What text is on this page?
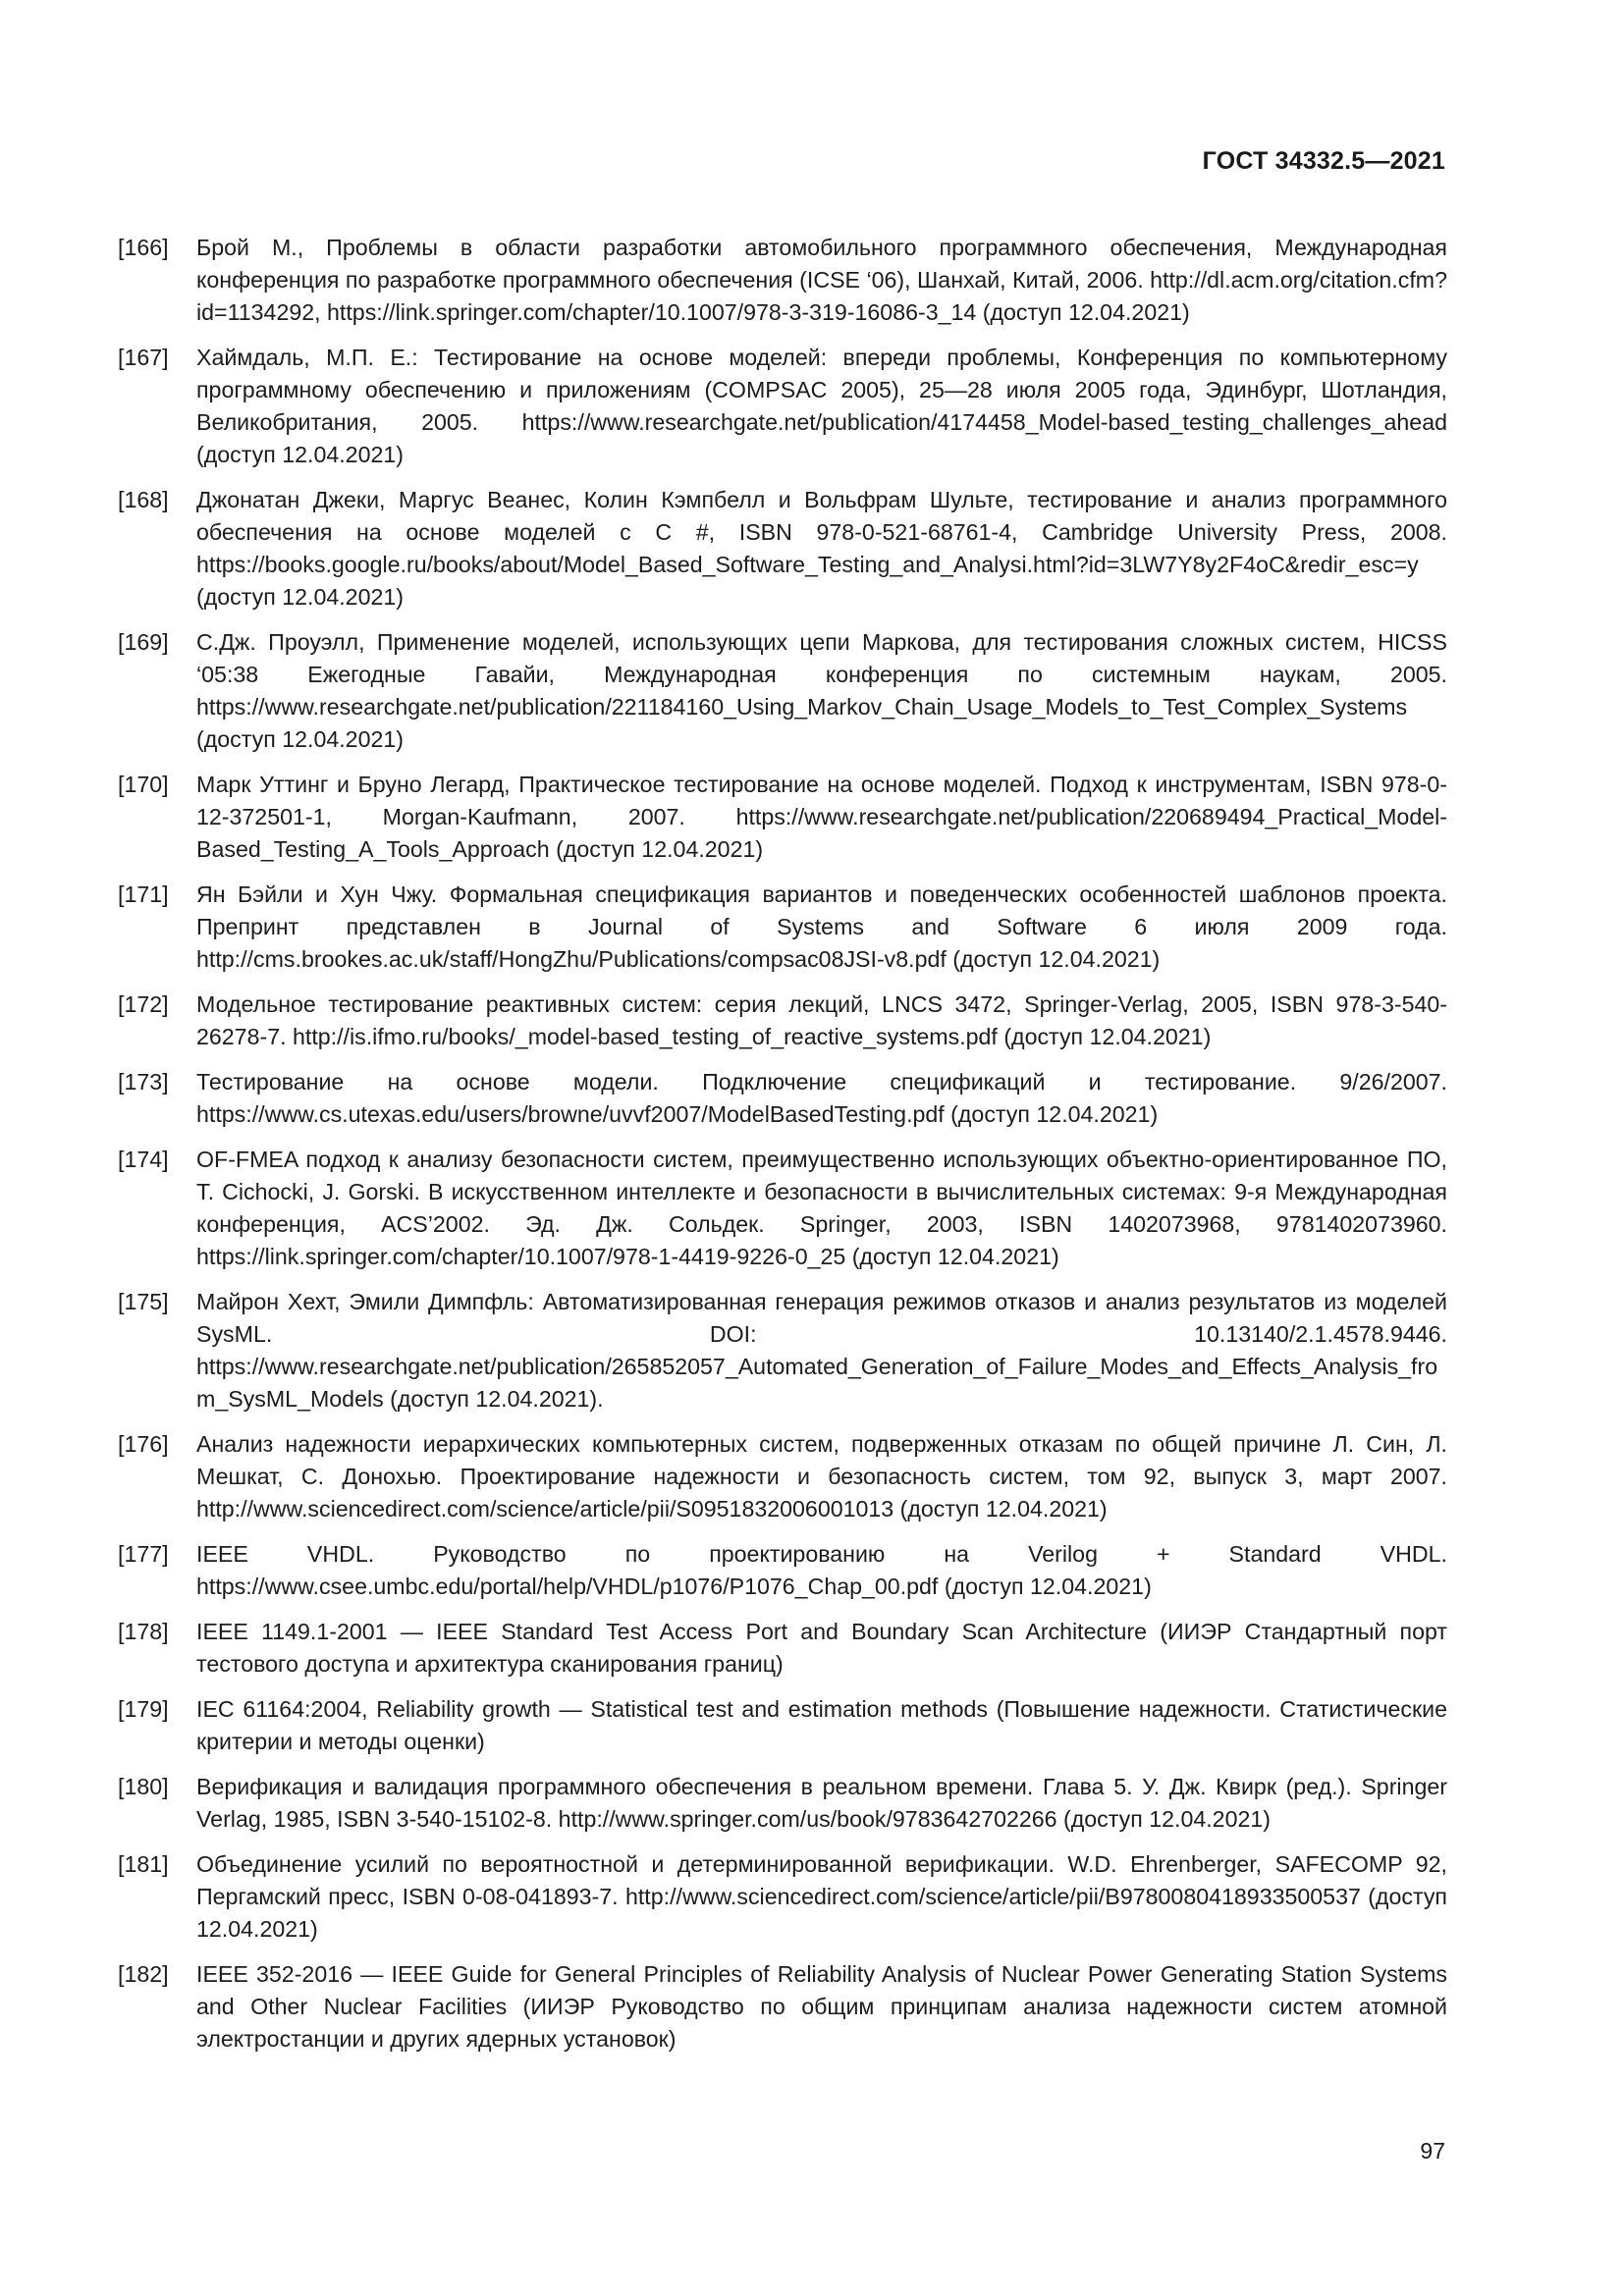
ГОСТ 34332.5—2021
[166]	Брой М., Проблемы в области разработки автомобильного программного обеспечения, Международная конференция по разработке программного обеспечения (ICSE ‘06), Шанхай, Китай, 2006. http://dl.acm.org/citation.cfm?id=1134292, https://link.springer.com/chapter/10.1007/978-3-319-16086-3_14 (доступ 12.04.2021)
[167]	Хаймдаль, М.П. Е.: Тестирование на основе моделей: впереди проблемы, Конференция по компьютерному программному обеспечению и приложениям (COMPSAC 2005), 25—28 июля 2005 года, Эдинбург, Шотландия, Великобритания, 2005. https://www.researchgate.net/publication/4174458_Model-based_testing_challenges_ahead (доступ 12.04.2021)
[168]	Джонатан Джеки, Маргус Веанес, Колин Кэмпбелл и Вольфрам Шульте, тестирование и анализ программного обеспечения на основе моделей с C #, ISBN 978-0-521-68761-4, Cambridge University Press, 2008. https://books.google.ru/books/about/Model_Based_Software_Testing_and_Analysi.html?id=3LW7Y8y2F4oC&redir_esc=y (доступ 12.04.2021)
[169]	С.Дж. Проуэлл, Применение моделей, использующих цепи Маркова, для тестирования сложных систем, HICSS ‘05:38 Ежегодные Гавайи, Международная конференция по системным наукам, 2005. https://www.researchgate.net/publication/221184160_Using_Markov_Chain_Usage_Models_to_Test_Complex_Systems (доступ 12.04.2021)
[170]	Марк Уттинг и Бруно Легард, Практическое тестирование на основе моделей. Подход к инструментам, ISBN 978-0-12-372501-1, Morgan-Kaufmann, 2007. https://www.researchgate.net/publication/220689494_Practical_Model-Based_Testing_A_Tools_Approach (доступ 12.04.2021)
[171]	Ян Бэйли и Хун Чжу. Формальная спецификация вариантов и поведенческих особенностей шаблонов проекта. Препринт представлен в Journal of Systems and Software 6 июля 2009 года. http://cms.brookes.ac.uk/staff/HongZhu/Publications/compsac08JSI-v8.pdf (доступ 12.04.2021)
[172]	Модельное тестирование реактивных систем: серия лекций, LNCS 3472, Springer-Verlag, 2005, ISBN 978-3-540-26278-7. http://is.ifmo.ru/books/_model-based_testing_of_reactive_systems.pdf (доступ 12.04.2021)
[173]	Тестирование на основе модели. Подключение спецификаций и тестирование. 9/26/2007. https://www.cs.utexas.edu/users/browne/uvvf2007/ModelBasedTesting.pdf (доступ 12.04.2021)
[174]	OF-FMEA подход к анализу безопасности систем, преимущественно использующих объектно-ориентированное ПО, T. Cichocki, J. Gorski. В искусственном интеллекте и безопасности в вычислительных системах: 9-я Международная конференция, ACS’2002. Эд. Дж. Сольдек. Springer, 2003, ISBN 1402073968, 9781402073960. https://link.springer.com/chapter/10.1007/978-1-4419-9226-0_25 (доступ 12.04.2021)
[175]	Майрон Хехт, Эмили Димпфль: Автоматизированная генерация режимов отказов и анализ результатов из моделей SysML. DOI: 10.13140/2.1.4578.9446. https://www.researchgate.net/publication/265852057_Automated_Generation_of_Failure_Modes_and_Effects_Analysis_from_SysML_Models (доступ 12.04.2021).
[176]	Анализ надежности иерархических компьютерных систем, подверженных отказам по общей причине Л. Син, Л. Мешкат, С. Донохью. Проектирование надежности и безопасность систем, том 92, выпуск 3, март 2007. http://www.sciencedirect.com/science/article/pii/S0951832006001013 (доступ 12.04.2021)
[177]	IEEE VHDL. Руководство по проектированию на Verilog + Standard VHDL. https://www.csee.umbc.edu/portal/help/VHDL/p1076/P1076_Chap_00.pdf (доступ 12.04.2021)
[178]	IEEE 1149.1-2001 — IEEE Standard Test Access Port and Boundary Scan Architecture (ИИЭР Стандартный порт тестового доступа и архитектура сканирования границ)
[179]	IEC 61164:2004, Reliability growth — Statistical test and estimation methods (Повышение надежности. Статистические критерии и методы оценки)
[180]	Верификация и валидация программного обеспечения в реальном времени. Глава 5. У. Дж. Квирк (ред.). Springer Verlag, 1985, ISBN 3-540-15102-8. http://www.springer.com/us/book/9783642702266 (доступ 12.04.2021)
[181]	Объединение усилий по вероятностной и детерминированной верификации. W.D. Ehrenberger, SAFECOMP 92, Пергамский пресс, ISBN 0-08-041893-7. http://www.sciencedirect.com/science/article/pii/B9780080418933500537 (доступ 12.04.2021)
[182]	IEEE 352-2016 — IEEE Guide for General Principles of Reliability Analysis of Nuclear Power Generating Station Systems and Other Nuclear Facilities (ИИЭР Руководство по общим принципам анализа надежности систем атомной электростанции и других ядерных установок)
97
